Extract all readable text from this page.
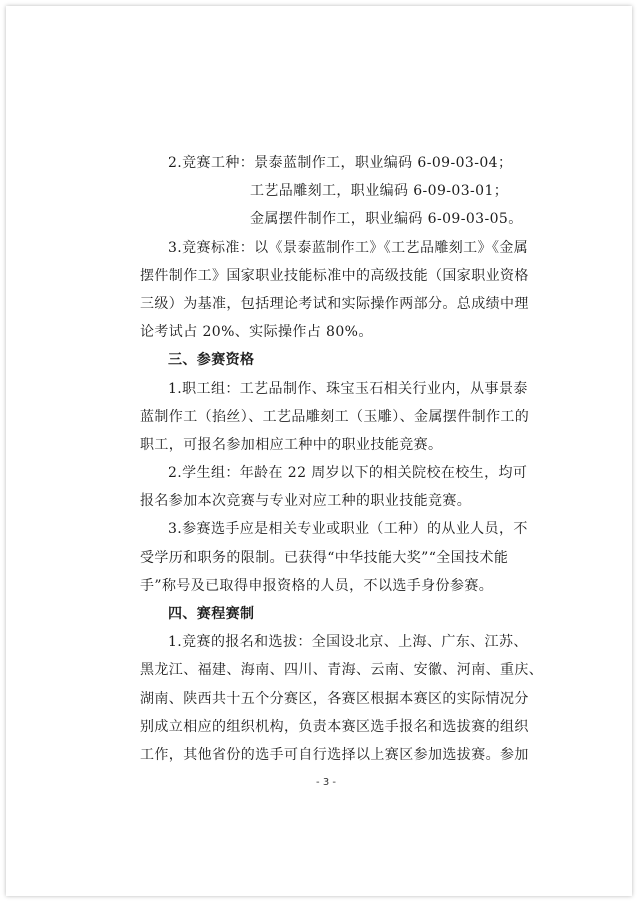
2.竞赛工种：景泰蓝制作工，职业编码 6-09-03-04；
工艺品雕刻工，职业编码 6-09-03-01；
金属摆件制作工，职业编码 6-09-03-05。
3.竞赛标准：以《景泰蓝制作工》《工艺品雕刻工》《金属
摆件制作工》国家职业技能标准中的高级技能（国家职业资格
三级）为基准，包括理论考试和实际操作两部分。总成绩中理
论考试占 20%、实际操作占 80%。
三、参赛资格
1.职工组：工艺品制作、珠宝玉石相关行业内，从事景泰
蓝制作工（掐丝）、工艺品雕刻工（玉雕）、金属摆件制作工的
职工，可报名参加相应工种中的职业技能竞赛。
2.学生组：年龄在 22 周岁以下的相关院校在校生，均可
报名参加本次竞赛与专业对应工种的职业技能竞赛。
3.参赛选手应是相关专业或职业（工种）的从业人员，不
受学历和职务的限制。已获得“中华技能大奖”“全国技术能
手”称号及已取得申报资格的人员，不以选手身份参赛。
四、赛程赛制
1.竞赛的报名和选拔：全国设北京、上海、广东、江苏、
黑龙江、福建、海南、四川、青海、云南、安徽、河南、重庆、
湖南、陕西共十五个分赛区，各赛区根据本赛区的实际情况分
别成立相应的组织机构，负责本赛区选手报名和选拔赛的组织
工作，其他省份的选手可自行选择以上赛区参加选拔赛。参加
- 3 -
